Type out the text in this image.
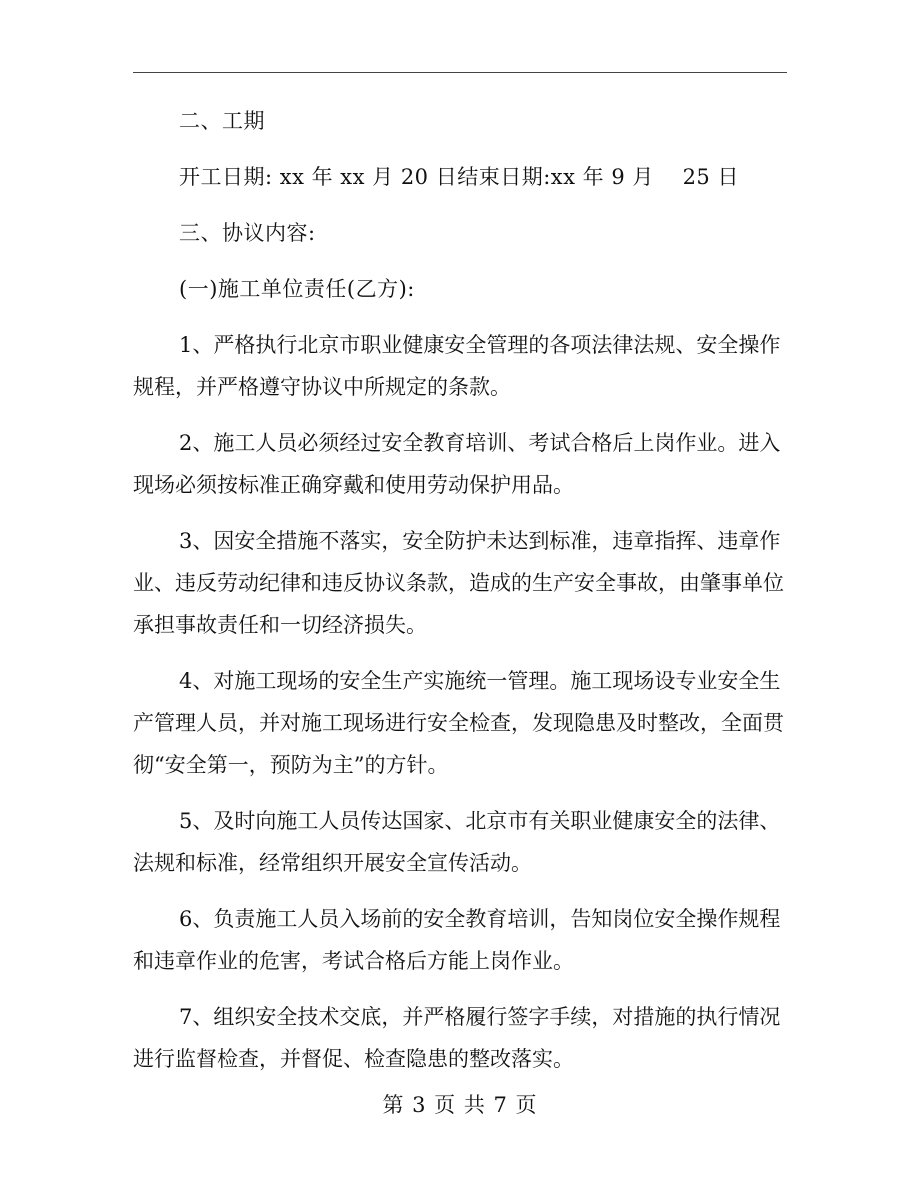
二、工期
开工日期: xx 年 xx 月 20 日结束日期:xx 年 9 月    25 日
三、协议内容:
(一)施工单位责任(乙方):
1、严格执行北京市职业健康安全管理的各项法律法规、安全操作
规程，并严格遵守协议中所规定的条款。
2、施工人员必须经过安全教育培训、考试合格后上岗作业。进入
现场必须按标准正确穿戴和使用劳动保护用品。
3、因安全措施不落实，安全防护未达到标准，违章指挥、违章作
业、违反劳动纪律和违反协议条款，造成的生产安全事故，由肇事单位
承担事故责任和一切经济损失。
4、对施工现场的安全生产实施统一管理。施工现场设专业安全生
产管理人员，并对施工现场进行安全检查，发现隐患及时整改，全面贯
彻“安全第一，预防为主”的方针。
5、及时向施工人员传达国家、北京市有关职业健康安全的法律、
法规和标准，经常组织开展安全宣传活动。
6、负责施工人员入场前的安全教育培训，告知岗位安全操作规程
和违章作业的危害，考试合格后方能上岗作业。
7、组织安全技术交底，并严格履行签字手续，对措施的执行情况
进行监督检查，并督促、检查隐患的整改落实。
第 3 页 共 7 页
